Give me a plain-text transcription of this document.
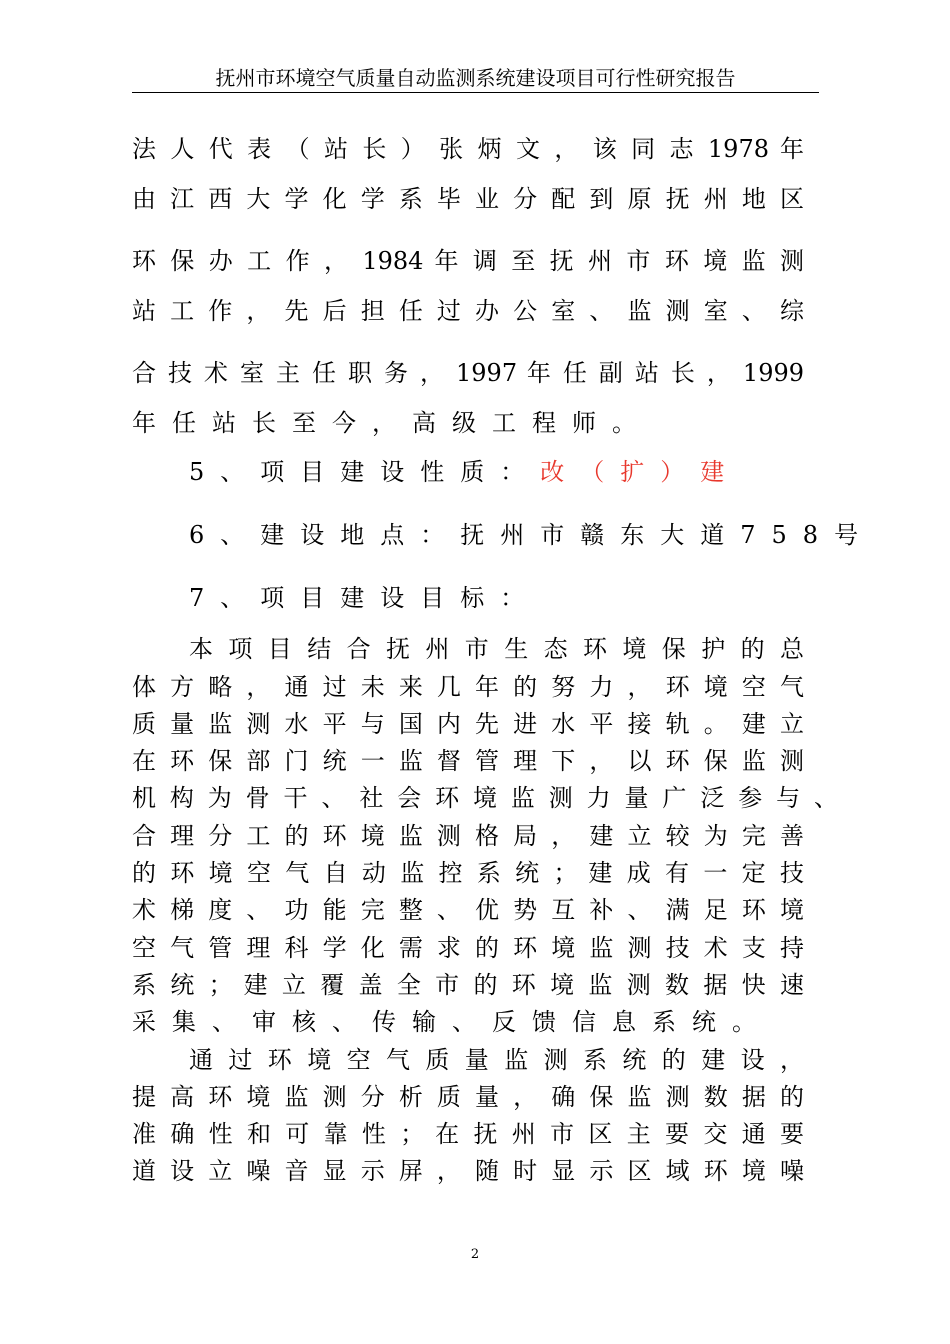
抚州市环境空气质量自动监测系统建设项目可行性研究报告
法 人 代 表 （ 站 长 ） 张 炳 文 ， 该 同 志 1978 年
由 江 西 大 学 化 学 系 毕 业 分 配 到 原 抚 州 地 区
环 保 办 工 作 ， 1984 年 调 至 抚 州 市 环 境 监 测
站 工 作 ， 先 后 担 任 过 办 公 室 、 监 测 室 、 综
合 技 术 室 主 任 职 务 ， 1997 年 任 副 站 长 ， 1999
年任站长至今，高级工程师。
5、项目建设性质：改（扩）建
6、建设地点：抚州市赣东大道758号
7、项目建设目标：
本 项 目 结 合 抚 州 市 生 态 环 境 保 护 的 总
体 方 略 ， 通 过 未 来 几 年 的 努 力 ， 环 境 空 气
质 量 监 测 水 平 与 国 内 先 进 水 平 接 轨 。 建 立
在 环 保 部 门 统 一 监 督 管 理 下 ， 以 环 保 监 测
机 构 为 骨 干 、 社 会 环 境 监 测 力 量 广 泛 参 与 、
合 理 分 工 的 环 境 监 测 格 局 ， 建 立 较 为 完 善
的 环 境 空 气 自 动 监 控 系 统 ； 建 成 有 一 定 技
术 梯 度 、 功 能 完 整 、 优 势 互 补 、 满 足 环 境
空 气 管 理 科 学 化 需 求 的 环 境 监 测 技 术 支 持
系 统 ； 建 立 覆 盖 全 市 的 环 境 监 测 数 据 快 速
采集、审核、传输、反馈信息系统。
通 过 环 境 空 气 质 量 监 测 系 统 的 建 设 ，
提 高 环 境 监 测 分 析 质 量 ， 确 保 监 测 数 据 的
准 确 性 和 可 靠 性 ； 在 抚 州 市 区 主 要 交 通 要
道 设 立 噪 音 显 示 屏 ， 随 时 显 示 区 域 环 境 噪
2
